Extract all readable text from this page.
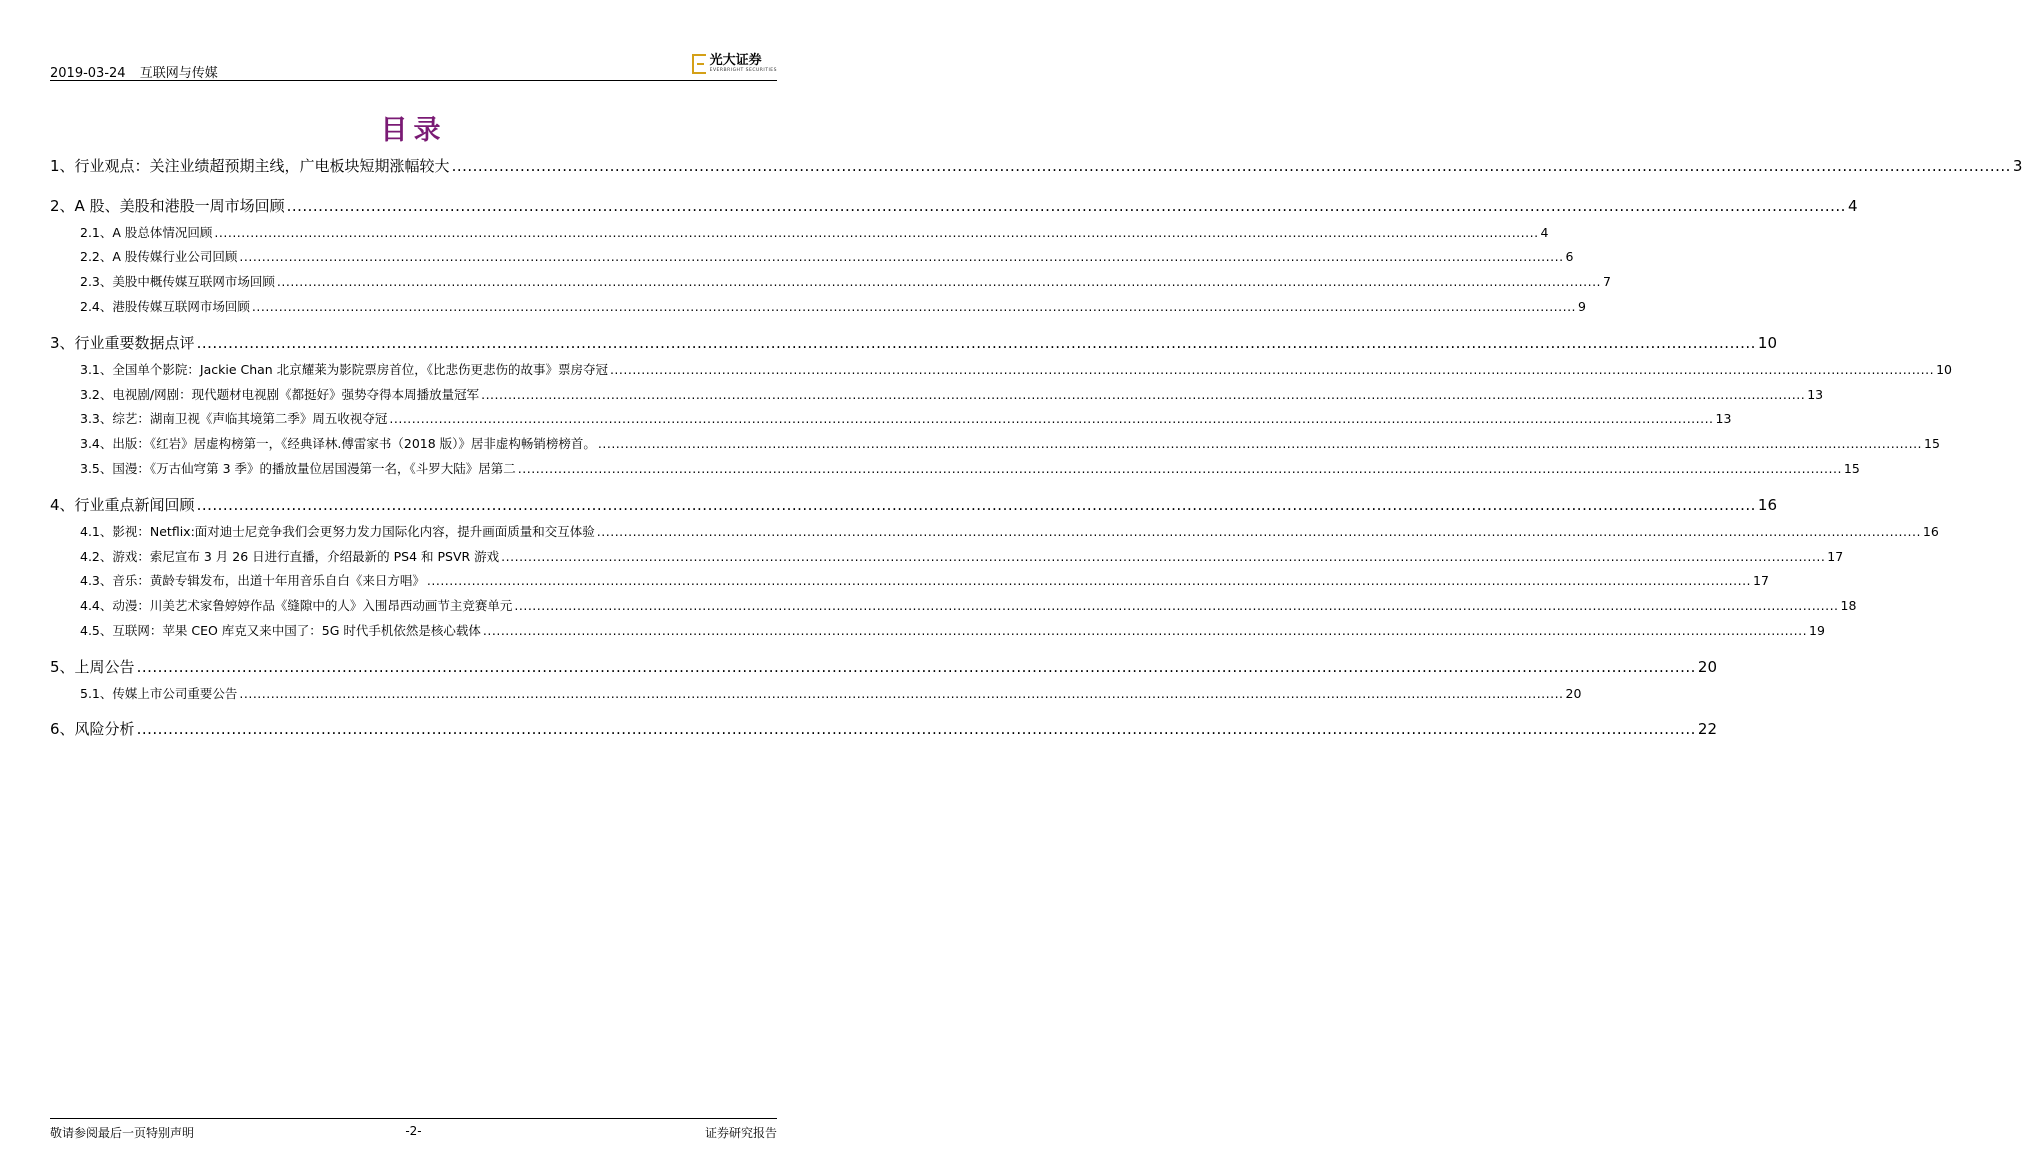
2019-03-24 互联网与传媒
光大证券
EVERBRIGHT SECURITIES
目录
1、 行业观点：关注业绩超预期主线，广电板块短期涨幅较大 .....	3
2、 A 股、美股和港股一周市场回顾 .....	4
2.1、 A 股总体情况回顾 .....	4
2.2、 A 股传媒行业公司回顾 .....	6
2.3、 美股中概传媒互联网市场回顾 .....	7
2.4、 港股传媒互联网市场回顾 .....	9
3、 行业重要数据点评 .....	10
3.1、 全国单个影院：Jackie Chan 北京耀莱为影院票房首位，《比悲伤更悲伤的故事》票房夺冠 .....	10
3.2、 电视剧/网剧：现代题材电视剧《都挺好》强势夺得本周播放量冠军 .....	13
3.3、 综艺：湖南卫视《声临其境第二季》周五收视夺冠 .....	13
3.4、 出版：《红岩》居虚构榜第一，《经典译林.傅雷家书（2018 版）》居非虚构畅销榜榜首。 .....	15
3.5、 国漫：《万古仙穹第 3 季》的播放量位居国漫第一名，《斗罗大陆》居第二 .....	15
4、 行业重点新闻回顾 .....	16
4.1、 影视：Netflix:面对迪士尼竞争我们会更努力发力国际化内容，提升画面质量和交互体验 .....	16
4.2、 游戏：索尼宣布 3 月 26 日进行直播，介绍最新的 PS4 和 PSVR 游戏 .....	17
4.3、 音乐：黄龄专辑发布，出道十年用音乐自白《来日方唱》 .....	17
4.4、 动漫：川美艺术家鲁婷婷作品《缝隙中的人》入围昂西动画节主竞赛单元 .....	18
4.5、 互联网：苹果 CEO 库克又来中国了：5G 时代手机依然是核心载体 .....	19
5、 上周公告 .....	20
5.1、 传媒上市公司重要公告 .....	20
6、 风险分析 .....	22
敬请参阅最后一页特别声明	-2-	证券研究报告
